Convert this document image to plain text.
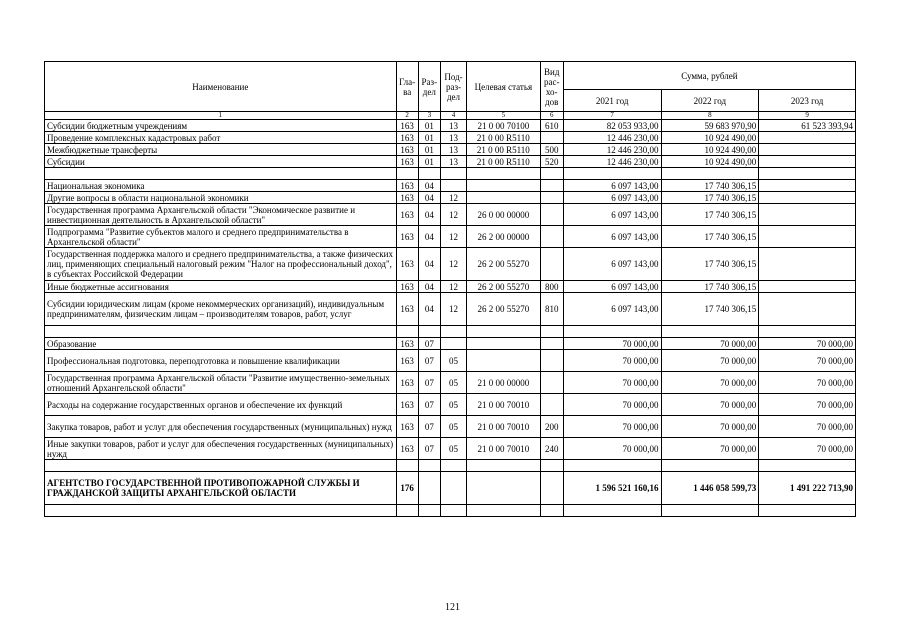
Наименование	Гла-ва	Раз-дел	Под-раз-дел	Целевая статья	Вид рас-хо-дов	Сумма, рублей		
						2021 год	2022 год	2023 год
1	2	3	4	5	6	7	8	9
Субсидии бюджетным учреждениям	163	01	13	21 0 00 70100	610	82 053 933,00	59 683 970,90	61 523 393,94
Проведение комплексных кадастровых работ	163	01	13	21 0 00 R5110		12 446 230,00	10 924 490,00	
Межбюджетные трансферты	163	01	13	21 0 00 R5110	500	12 446 230,00	10 924 490,00	
Субсидии	163	01	13	21 0 00 R5110	520	12 446 230,00	10 924 490,00	

Национальная экономика	163	04				6 097 143,00	17 740 306,15	
Другие вопросы в области национальной экономики	163	04	12			6 097 143,00	17 740 306,15	
Государственная программа Архангельской области "Экономическое развитие и инвестиционная деятельность в Архангельской области"	163	04	12	26 0 00 00000		6 097 143,00	17 740 306,15	
Подпрограмма "Развитие субъектов малого и среднего предпринимательства в Архангельской области"	163	04	12	26 2 00 00000		6 097 143,00	17 740 306,15	
Государственная поддержка малого и среднего предпринимательства, а также физических лиц, применяющих специальный налоговый режим "Налог на профессиональный доход", в субъектах Российской Федерации	163	04	12	26 2 00 55270		6 097 143,00	17 740 306,15	
Иные бюджетные ассигнования	163	04	12	26 2 00 55270	800	6 097 143,00	17 740 306,15	
Субсидии юридическим лицам (кроме некоммерческих организаций), индивидуальным предпринимателям, физическим лицам – производителям товаров, работ, услуг	163	04	12	26 2 00 55270	810	6 097 143,00	17 740 306,15	

Образование	163	07				70 000,00	70 000,00	70 000,00
Профессиональная подготовка, переподготовка и повышение квалификации	163	07	05			70 000,00	70 000,00	70 000,00
Государственная программа Архангельской области "Развитие имущественно-земельных отношений Архангельской области"	163	07	05	21 0 00 00000		70 000,00	70 000,00	70 000,00
Расходы на содержание государственных органов и обеспечение их функций	163	07	05	21 0 00 70010		70 000,00	70 000,00	70 000,00
Закупка товаров, работ и услуг для обеспечения государственных (муниципальных) нужд	163	07	05	21 0 00 70010	200	70 000,00	70 000,00	70 000,00
Иные закупки товаров, работ и услуг для обеспечения государственных (муниципальных) нужд	163	07	05	21 0 00 70010	240	70 000,00	70 000,00	70 000,00

АГЕНТСТВО ГОСУДАРСТВЕННОЙ ПРОТИВОПОЖАРНОЙ СЛУЖБЫ И ГРАЖДАНСКОЙ ЗАЩИТЫ АРХАНГЕЛЬСКОЙ ОБЛАСТИ	176					1 596 521 160,16	1 446 058 599,73	1 491 222 713,90

121
